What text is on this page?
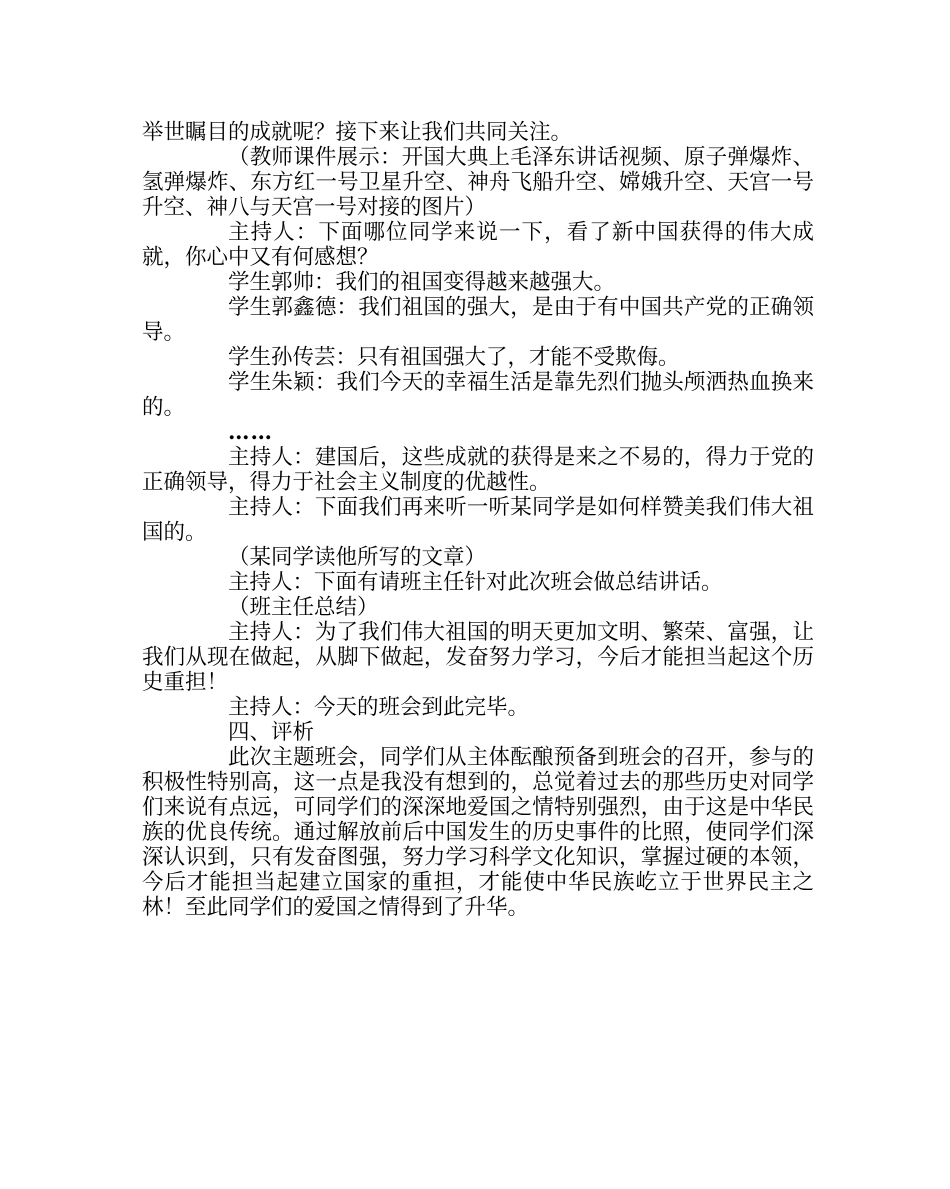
举世瞩目的成就呢？接下来让我们共同关注。

（教师课件展示：开国大典上毛泽东讲话视频、原子弹爆炸、氢弹爆炸、东方红一号卫星升空、神舟飞船升空、嫦娥升空、天宫一号升空、神八与天宫一号对接的图片）

主持人：下面哪位同学来说一下，看了新中国获得的伟大成就，你心中又有何感想？

学生郭帅：我们的祖国变得越来越强大。

学生郭鑫德：我们祖国的强大，是由于有中国共产党的正确领导。

学生孙传芸：只有祖国强大了，才能不受欺侮。

学生朱颖：我们今天的幸福生活是靠先烈们抛头颅洒热血换来的。

……

主持人：建国后，这些成就的获得是来之不易的，得力于党的正确领导，得力于社会主义制度的优越性。

主持人：下面我们再来听一听某同学是如何样赞美我们伟大祖国的。

（某同学读他所写的文章）

主持人：下面有请班主任针对此次班会做总结讲话。

（班主任总结）

主持人：为了我们伟大祖国的明天更加文明、繁荣、富强，让我们从现在做起，从脚下做起，发奋努力学习，今后才能担当起这个历史重担！

主持人：今天的班会到此完毕。

四、评析

此次主题班会，同学们从主体酝酿预备到班会的召开，参与的积极性特别高，这一点是我没有想到的，总觉着过去的那些历史对同学们来说有点远，可同学们的深深地爱国之情特别强烈，由于这是中华民族的优良传统。通过解放前后中国发生的历史事件的比照，使同学们深深认识到，只有发奋图强，努力学习科学文化知识，掌握过硬的本领，今后才能担当起建立国家的重担，才能使中华民族屹立于世界民主之林！至此同学们的爱国之情得到了升华。
